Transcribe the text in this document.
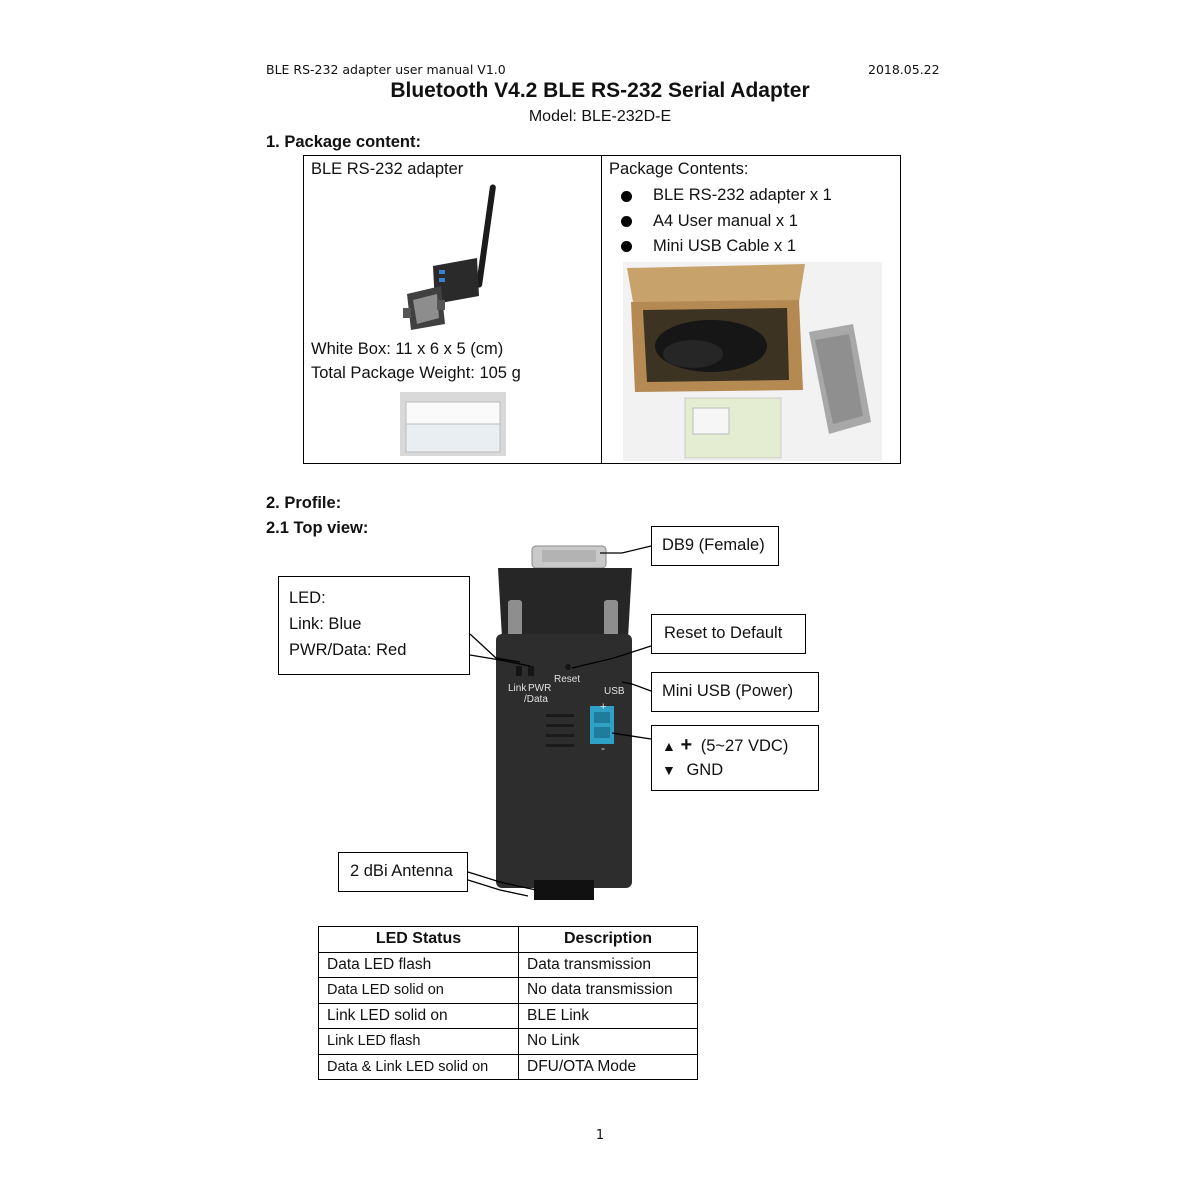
BLE RS-232 adapter user manual V1.0	2018.05.22
Bluetooth V4.2 BLE RS-232 Serial Adapter
Model: BLE-232D-E
1. Package content:
BLE RS-232 adapter
White Box: 11 x 6 x 5 (cm)
Total Package Weight: 105 g
Package Contents:
BLE RS-232 adapter x 1
A4 User manual x 1
Mini USB Cable x 1
2. Profile:
2.1 Top view:
Link PWR
/Data
Reset
USB
+
-
DB9 (Female)
LED:
Link: Blue
PWR/Data: Red
Reset to Default
Mini USB (Power)
▲ + (5~27 VDC)
▼ GND
2 dBi Antenna
LED Status	Description
Data LED flash	Data transmission
Data LED solid on	No data transmission
Link LED solid on	BLE Link
Link LED flash	No Link
Data & Link LED solid on	DFU/OTA Mode
1
